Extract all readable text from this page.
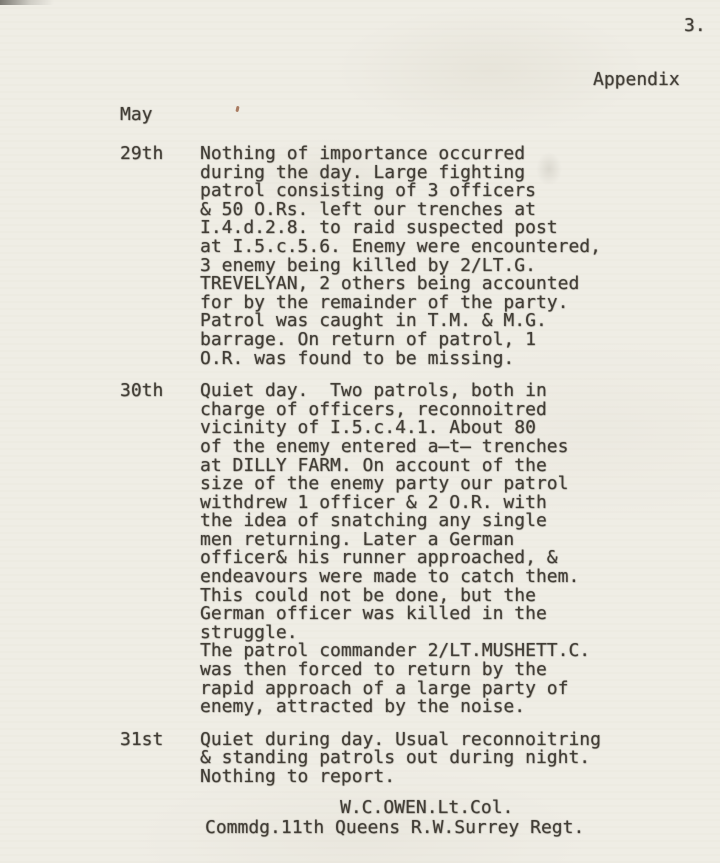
3.
Appendix
May
29th	Nothing of importance occurred
during the day. Large fighting
patrol consisting of 3 officers
& 50 O.Rs. left our trenches at
I.4.d.2.8. to raid suspected post
at I.5.c.5.6. Enemy were encountered,
3 enemy being killed by 2/LT.G.
TREVELYAN, 2 others being accounted
for by the remainder of the party.
Patrol was caught in T.M. & M.G.
barrage. On return of patrol, 1
O.R. was found to be missing.
30th	Quiet day.  Two patrols, both in
charge of officers, reconnoitred
vicinity of I.5.c.4.1. About 80
of the enemy entered a̶t̶ trenches
at DILLY FARM. On account of the
size of the enemy party our patrol
withdrew 1 officer & 2 O.R. with
the idea of snatching any single
men returning. Later a German
officer& his runner approached, &
endeavours were made to catch them.
This could not be done, but the
German officer was killed in the
struggle.
The patrol commander 2/LT.MUSHETT.C.
was then forced to return by the
rapid approach of a large party of
enemy, attracted by the noise.
31st	Quiet during day. Usual reconnoitring
& standing patrols out during night.
Nothing to report.
W.C.OWEN.Lt.Col.
Commdg.11th Queens R.W.Surrey Regt.
